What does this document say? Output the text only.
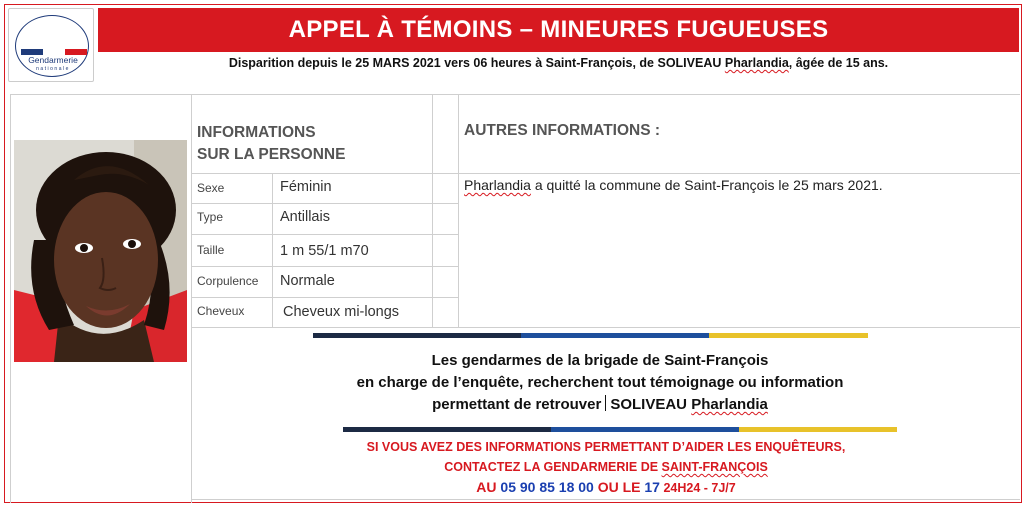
Gendarmerie
nationale
APPEL À TÉMOINS – MINEURES FUGUEUSES
Disparition depuis le 25 MARS 2021 vers 06 heures à Saint-François, de SOLIVEAU Pharlandia, âgée de 15 ans.
INFORMATIONS
SUR LA PERSONNE
Sexe	Féminin
Type	Antillais
Taille	1 m 55/1 m70
Corpulence Normale
Cheveux	Cheveux mi-longs
AUTRES INFORMATIONS :
Pharlandia a quitté la commune de Saint-François le 25 mars 2021.
Les gendarmes de la brigade de Saint-François
en charge de l’enquête, recherchent tout témoignage ou information
permettant de retrouver SOLIVEAU Pharlandia
SI VOUS AVEZ DES INFORMATIONS PERMETTANT D’AIDER LES ENQUÊTEURS,
CONTACTEZ LA GENDARMERIE DE SAINT-FRANÇOIS
AU 05 90 85 18 00 OU LE 17 24H24 - 7J/7
